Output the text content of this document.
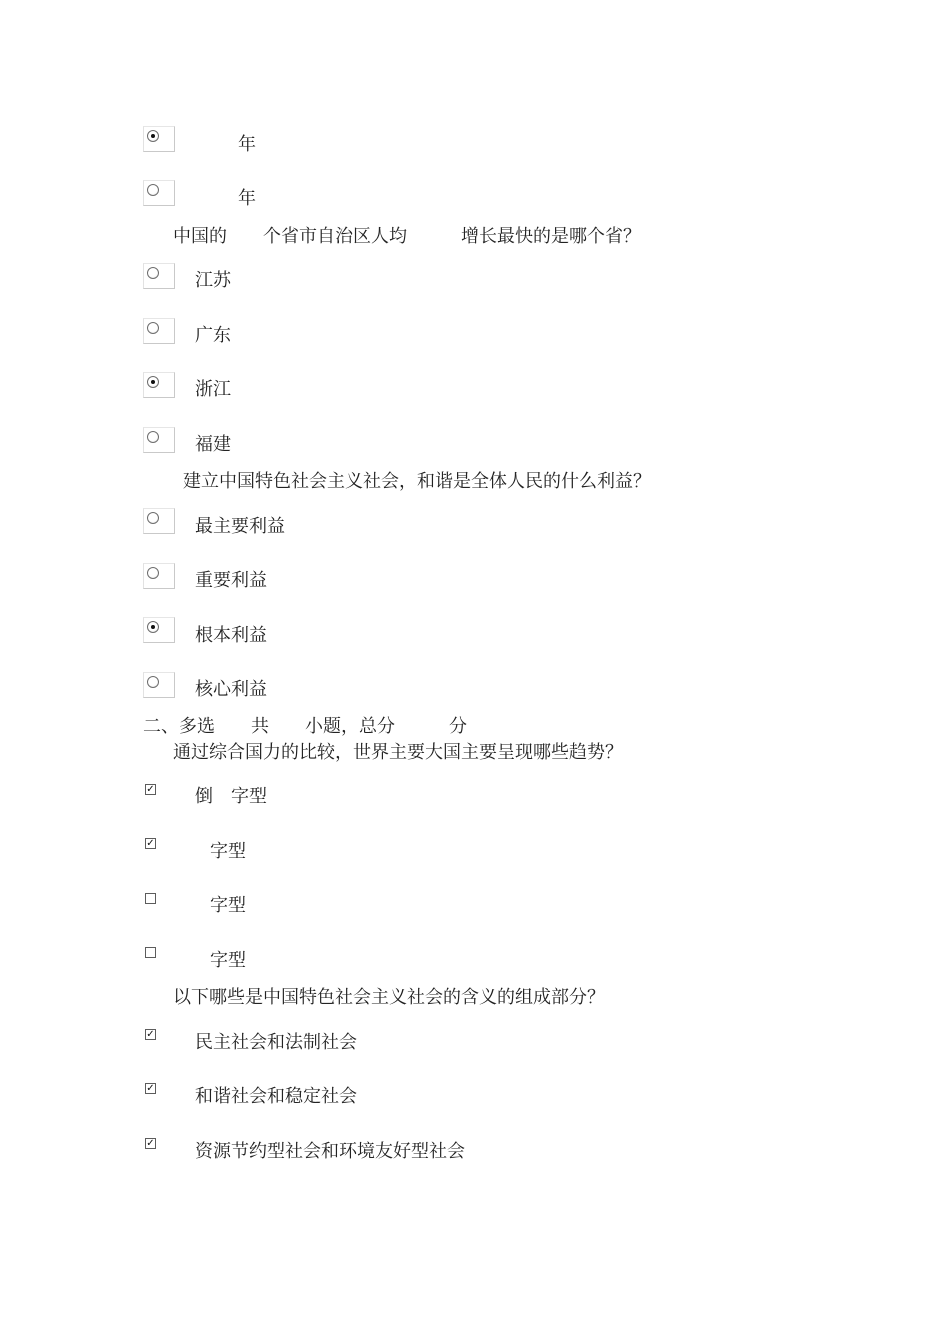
年
年
中国的　　个省市自治区人均　　　增长最快的是哪个省？
江苏
广东
浙江
福建
建立中国特色社会主义社会，和谐是全体人民的什么利益？
最主要利益
重要利益
根本利益
核心利益
二、多选　　共　　小题，总分　　　分
通过综合国力的比较，世界主要大国主要呈现哪些趋势？
✓ 倒　字型
✓	字型
字型
字型
以下哪些是中国特色社会主义社会的含义的组成部分？
✓ 民主社会和法制社会
✓ 和谐社会和稳定社会
✓ 资源节约型社会和环境友好型社会
